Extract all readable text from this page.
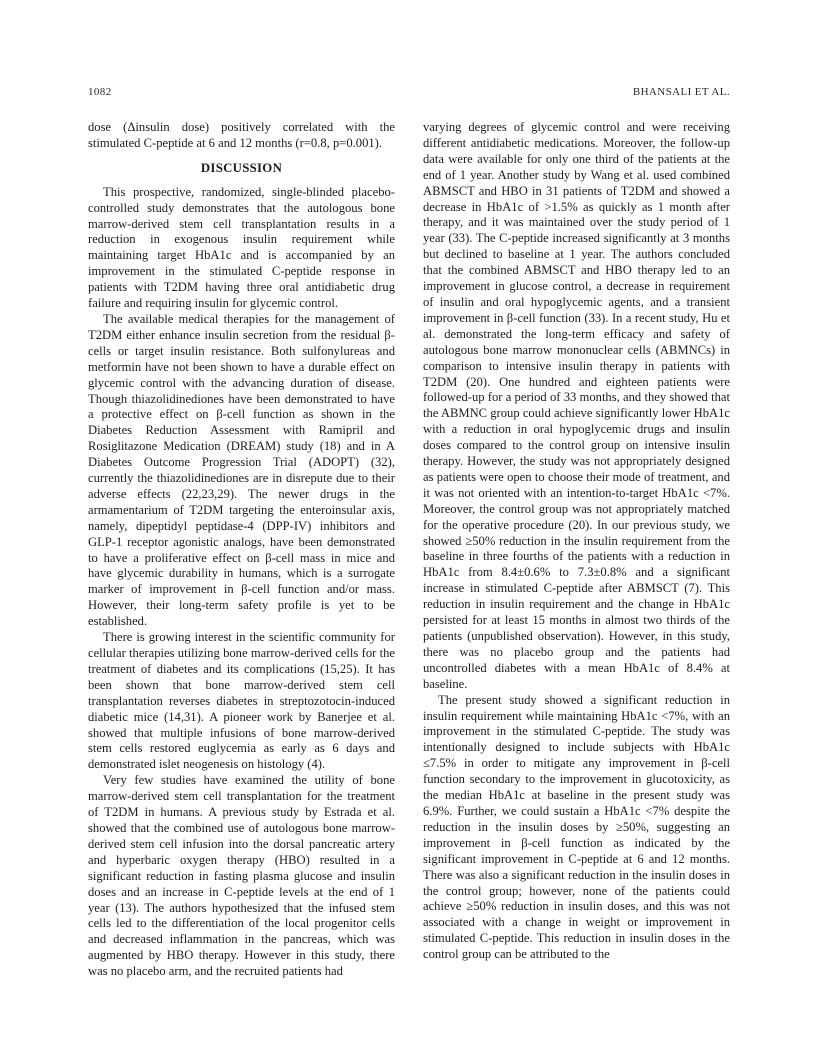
1082	BHANSALI ET AL.

dose (Δinsulin dose) positively correlated with the stimulated C-peptide at 6 and 12 months (r=0.8, p=0.001).

DISCUSSION

This prospective, randomized, single-blinded placebo-controlled study demonstrates that the autologous bone marrow-derived stem cell transplantation results in a reduction in exogenous insulin requirement while maintaining target HbA1c and is accompanied by an improvement in the stimulated C-peptide response in patients with T2DM having three oral antidiabetic drug failure and requiring insulin for glycemic control.

The available medical therapies for the management of T2DM either enhance insulin secretion from the residual β-cells or target insulin resistance. Both sulfonylureas and metformin have not been shown to have a durable effect on glycemic control with the advancing duration of disease. Though thiazolidinediones have been demonstrated to have a protective effect on β-cell function as shown in the Diabetes Reduction Assessment with Ramipril and Rosiglitazone Medication (DREAM) study (18) and in A Diabetes Outcome Progression Trial (ADOPT) (32), currently the thiazolidinediones are in disrepute due to their adverse effects (22,23,29). The newer drugs in the armamentarium of T2DM targeting the enteroinsular axis, namely, dipeptidyl peptidase-4 (DPP-IV) inhibitors and GLP-1 receptor agonistic analogs, have been demonstrated to have a proliferative effect on β-cell mass in mice and have glycemic durability in humans, which is a surrogate marker of improvement in β-cell function and/or mass. However, their long-term safety profile is yet to be established.

There is growing interest in the scientific community for cellular therapies utilizing bone marrow-derived cells for the treatment of diabetes and its complications (15,25). It has been shown that bone marrow-derived stem cell transplantation reverses diabetes in streptozotocin-induced diabetic mice (14,31). A pioneer work by Banerjee et al. showed that multiple infusions of bone marrow-derived stem cells restored euglycemia as early as 6 days and demonstrated islet neogenesis on histology (4).

Very few studies have examined the utility of bone marrow-derived stem cell transplantation for the treatment of T2DM in humans. A previous study by Estrada et al. showed that the combined use of autologous bone marrow-derived stem cell infusion into the dorsal pancreatic artery and hyperbaric oxygen therapy (HBO) resulted in a significant reduction in fasting plasma glucose and insulin doses and an increase in C-peptide levels at the end of 1 year (13). The authors hypothesized that the infused stem cells led to the differentiation of the local progenitor cells and decreased inflammation in the pancreas, which was augmented by HBO therapy. However in this study, there was no placebo arm, and the recruited patients had

varying degrees of glycemic control and were receiving different antidiabetic medications. Moreover, the follow-up data were available for only one third of the patients at the end of 1 year. Another study by Wang et al. used combined ABMSCT and HBO in 31 patients of T2DM and showed a decrease in HbA1c of >1.5% as quickly as 1 month after therapy, and it was maintained over the study period of 1 year (33). The C-peptide increased significantly at 3 months but declined to baseline at 1 year. The authors concluded that the combined ABMSCT and HBO therapy led to an improvement in glucose control, a decrease in requirement of insulin and oral hypoglycemic agents, and a transient improvement in β-cell function (33). In a recent study, Hu et al. demonstrated the long-term efficacy and safety of autologous bone marrow mononuclear cells (ABMNCs) in comparison to intensive insulin therapy in patients with T2DM (20). One hundred and eighteen patients were followed-up for a period of 33 months, and they showed that the ABMNC group could achieve significantly lower HbA1c with a reduction in oral hypoglycemic drugs and insulin doses compared to the control group on intensive insulin therapy. However, the study was not appropriately designed as patients were open to choose their mode of treatment, and it was not oriented with an intention-to-target HbA1c <7%. Moreover, the control group was not appropriately matched for the operative procedure (20). In our previous study, we showed ≥50% reduction in the insulin requirement from the baseline in three fourths of the patients with a reduction in HbA1c from 8.4±0.6% to 7.3±0.8% and a significant increase in stimulated C-peptide after ABMSCT (7). This reduction in insulin requirement and the change in HbA1c persisted for at least 15 months in almost two thirds of the patients (unpublished observation). However, in this study, there was no placebo group and the patients had uncontrolled diabetes with a mean HbA1c of 8.4% at baseline.

The present study showed a significant reduction in insulin requirement while maintaining HbA1c <7%, with an improvement in the stimulated C-peptide. The study was intentionally designed to include subjects with HbA1c ≤7.5% in order to mitigate any improvement in β-cell function secondary to the improvement in glucotoxicity, as the median HbA1c at baseline in the present study was 6.9%. Further, we could sustain a HbA1c <7% despite the reduction in the insulin doses by ≥50%, suggesting an improvement in β-cell function as indicated by the significant improvement in C-peptide at 6 and 12 months. There was also a significant reduction in the insulin doses in the control group; however, none of the patients could achieve ≥50% reduction in insulin doses, and this was not associated with a change in weight or improvement in stimulated C-peptide. This reduction in insulin doses in the control group can be attributed to the
